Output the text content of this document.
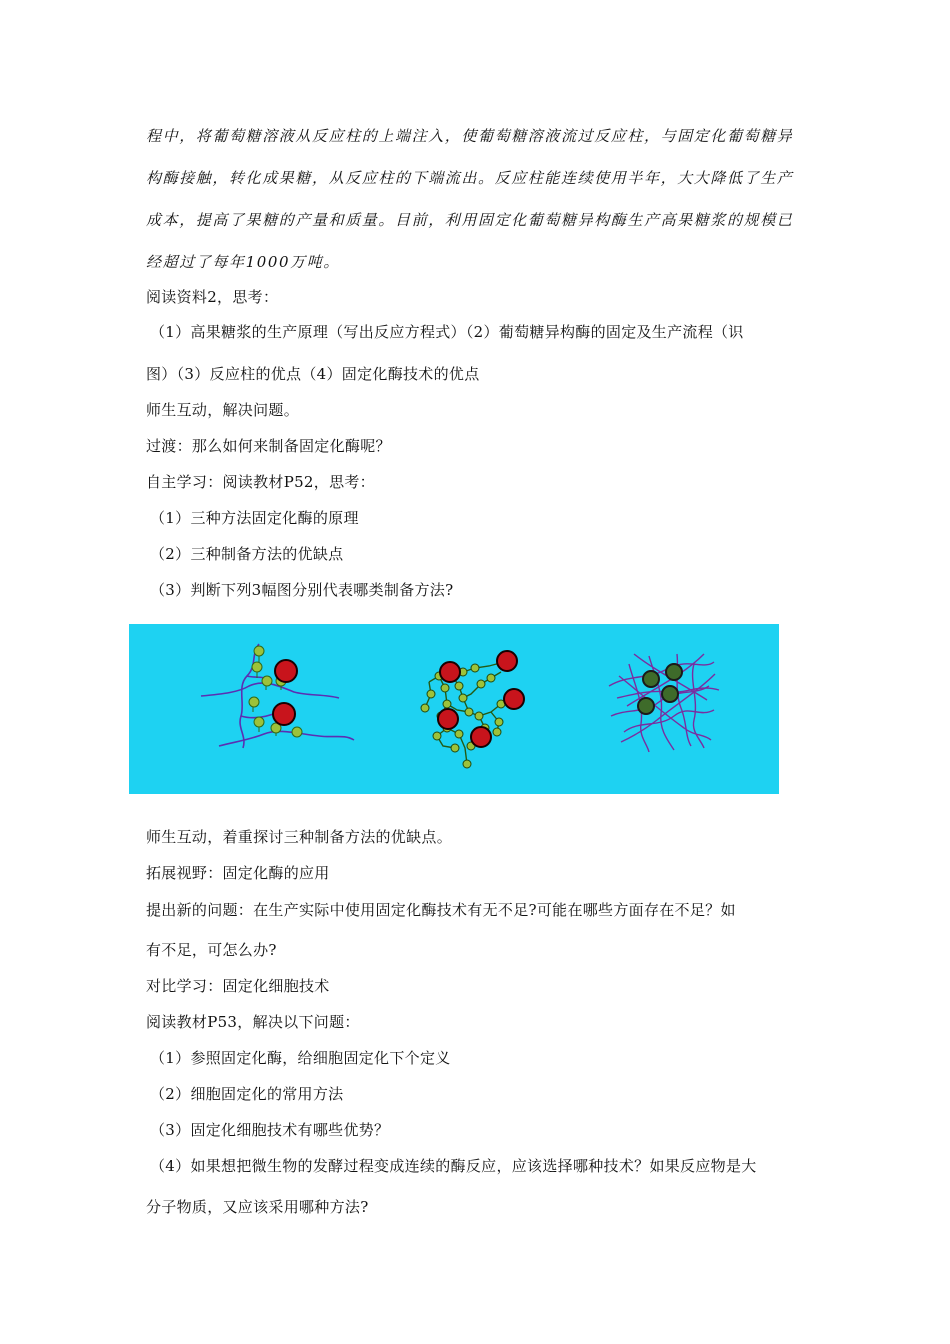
程中，将葡萄糖溶液从反应柱的上端注入，使葡萄糖溶液流过反应柱，与固定化葡萄糖异
构酶接触，转化成果糖，从反应柱的下端流出。反应柱能连续使用半年，大大降低了生产
成本，提高了果糖的产量和质量。目前，利用固定化葡萄糖异构酶生产高果糖浆的规模已
经超过了每年1000万吨。
阅读资料2，思考：
（1）高果糖浆的生产原理（写出反应方程式）（2）葡萄糖异构酶的固定及生产流程（识
图）（3）反应柱的优点（4）固定化酶技术的优点
师生互动，解决问题。
过渡：那么如何来制备固定化酶呢？
自主学习：阅读教材P52，思考：
（1）三种方法固定化酶的原理
（2）三种制备方法的优缺点
（3）判断下列3幅图分别代表哪类制备方法?
师生互动，着重探讨三种制备方法的优缺点。
拓展视野：固定化酶的应用
提出新的问题：在生产实际中使用固定化酶技术有无不足?可能在哪些方面存在不足？如
有不足，可怎么办?
对比学习：固定化细胞技术
阅读教材P53，解决以下问题：
（1）参照固定化酶，给细胞固定化下个定义
（2）细胞固定化的常用方法
（3）固定化细胞技术有哪些优势？
（4）如果想把微生物的发酵过程变成连续的酶反应，应该选择哪种技术？如果反应物是大
分子物质，又应该采用哪种方法?
